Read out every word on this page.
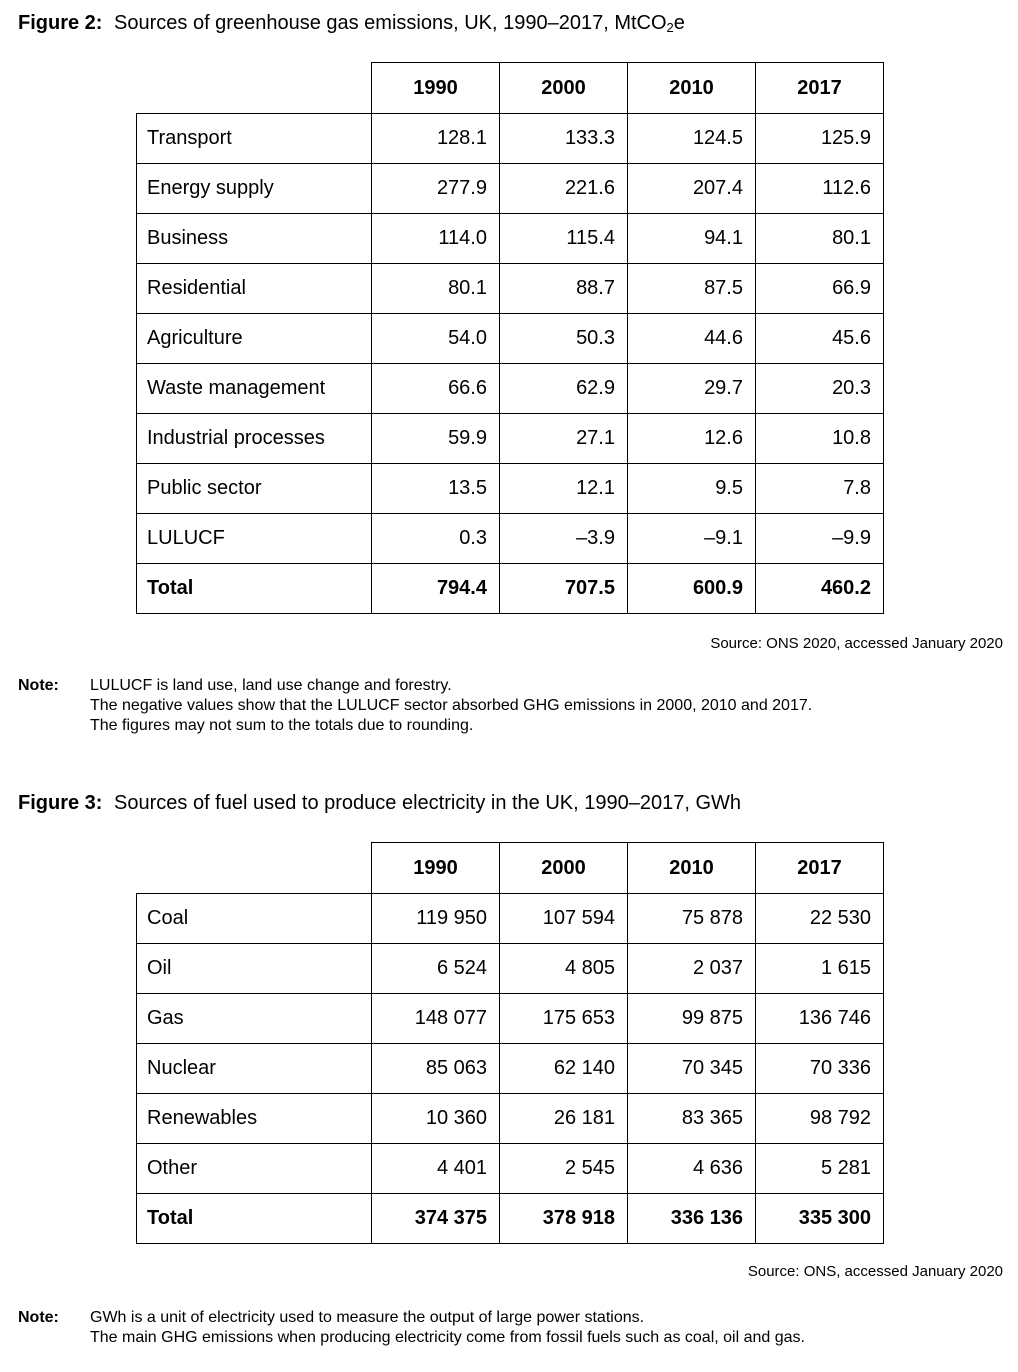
Figure 2: Sources of greenhouse gas emissions, UK, 1990–2017, MtCO$_2$e
	1990	2000	2010	2017
Transport	128.1	133.3	124.5	125.9
Energy supply	277.9	221.6	207.4	112.6
Business	114.0	115.4	94.1	80.1
Residential	80.1	88.7	87.5	66.9
Agriculture	54.0	50.3	44.6	45.6
Waste management	66.6	62.9	29.7	20.3
Industrial processes	59.9	27.1	12.6	10.8
Public sector	13.5	12.1	9.5	7.8
LULUCF	0.3	–3.9	–9.1	–9.9
Total	794.4	707.5	600.9	460.2
Source: ONS 2020, accessed January 2020
Note: LULUCF is land use, land use change and forestry.
The negative values show that the LULUCF sector absorbed GHG emissions in 2000, 2010 and 2017.
The figures may not sum to the totals due to rounding.
Figure 3: Sources of fuel used to produce electricity in the UK, 1990–2017, GWh
	1990	2000	2010	2017
Coal	119 950	107 594	75 878	22 530
Oil	6 524	4 805	2 037	1 615
Gas	148 077	175 653	99 875	136 746
Nuclear	85 063	62 140	70 345	70 336
Renewables	10 360	26 181	83 365	98 792
Other	4 401	2 545	4 636	5 281
Total	374 375	378 918	336 136	335 300
Source: ONS, accessed January 2020
Note: GWh is a unit of electricity used to measure the output of large power stations.
The main GHG emissions when producing electricity come from fossil fuels such as coal, oil and gas.
